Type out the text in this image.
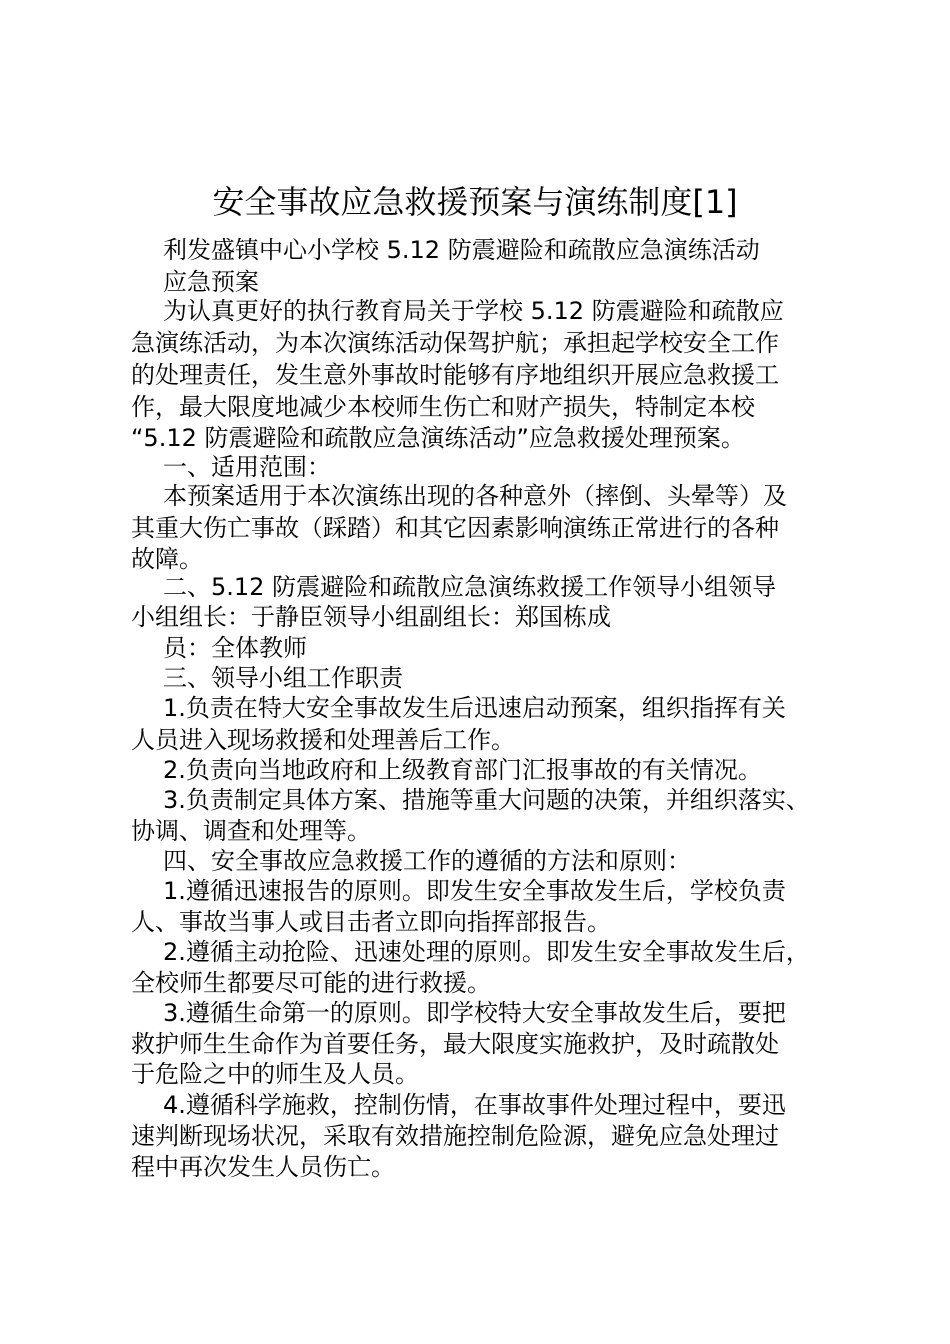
安全事故应急救援预案与演练制度[1]
利发盛镇中心小学校 5.12 防震避险和疏散应急演练活动
应急预案
为认真更好的执行教育局关于学校 5.12 防震避险和疏散应
急演练活动，为本次演练活动保驾护航；承担起学校安全工作
的处理责任，发生意外事故时能够有序地组织开展应急救援工
作，最大限度地减少本校师生伤亡和财产损失，特制定本校
“5.12 防震避险和疏散应急演练活动”应急救援处理预案。
一、适用范围：
本预案适用于本次演练出现的各种意外（摔倒、头晕等）及
其重大伤亡事故（踩踏）和其它因素影响演练正常进行的各种
故障。
二、5.12 防震避险和疏散应急演练救援工作领导小组领导
小组组长：于静臣领导小组副组长：郑国栋成
员：全体教师
三、领导小组工作职责
1.负责在特大安全事故发生后迅速启动预案，组织指挥有关
人员进入现场救援和处理善后工作。
2.负责向当地政府和上级教育部门汇报事故的有关情况。
3.负责制定具体方案、措施等重大问题的决策，并组织落实、
协调、调查和处理等。
四、安全事故应急救援工作的遵循的方法和原则：
1.遵循迅速报告的原则。即发生安全事故发生后，学校负责
人、事故当事人或目击者立即向指挥部报告。
2.遵循主动抢险、迅速处理的原则。即发生安全事故发生后，
全校师生都要尽可能的进行救援。
3.遵循生命第一的原则。即学校特大安全事故发生后，要把
救护师生生命作为首要任务，最大限度实施救护，及时疏散处
于危险之中的师生及人员。
4.遵循科学施救，控制伤情，在事故事件处理过程中，要迅
速判断现场状况，采取有效措施控制危险源，避免应急处理过
程中再次发生人员伤亡。
